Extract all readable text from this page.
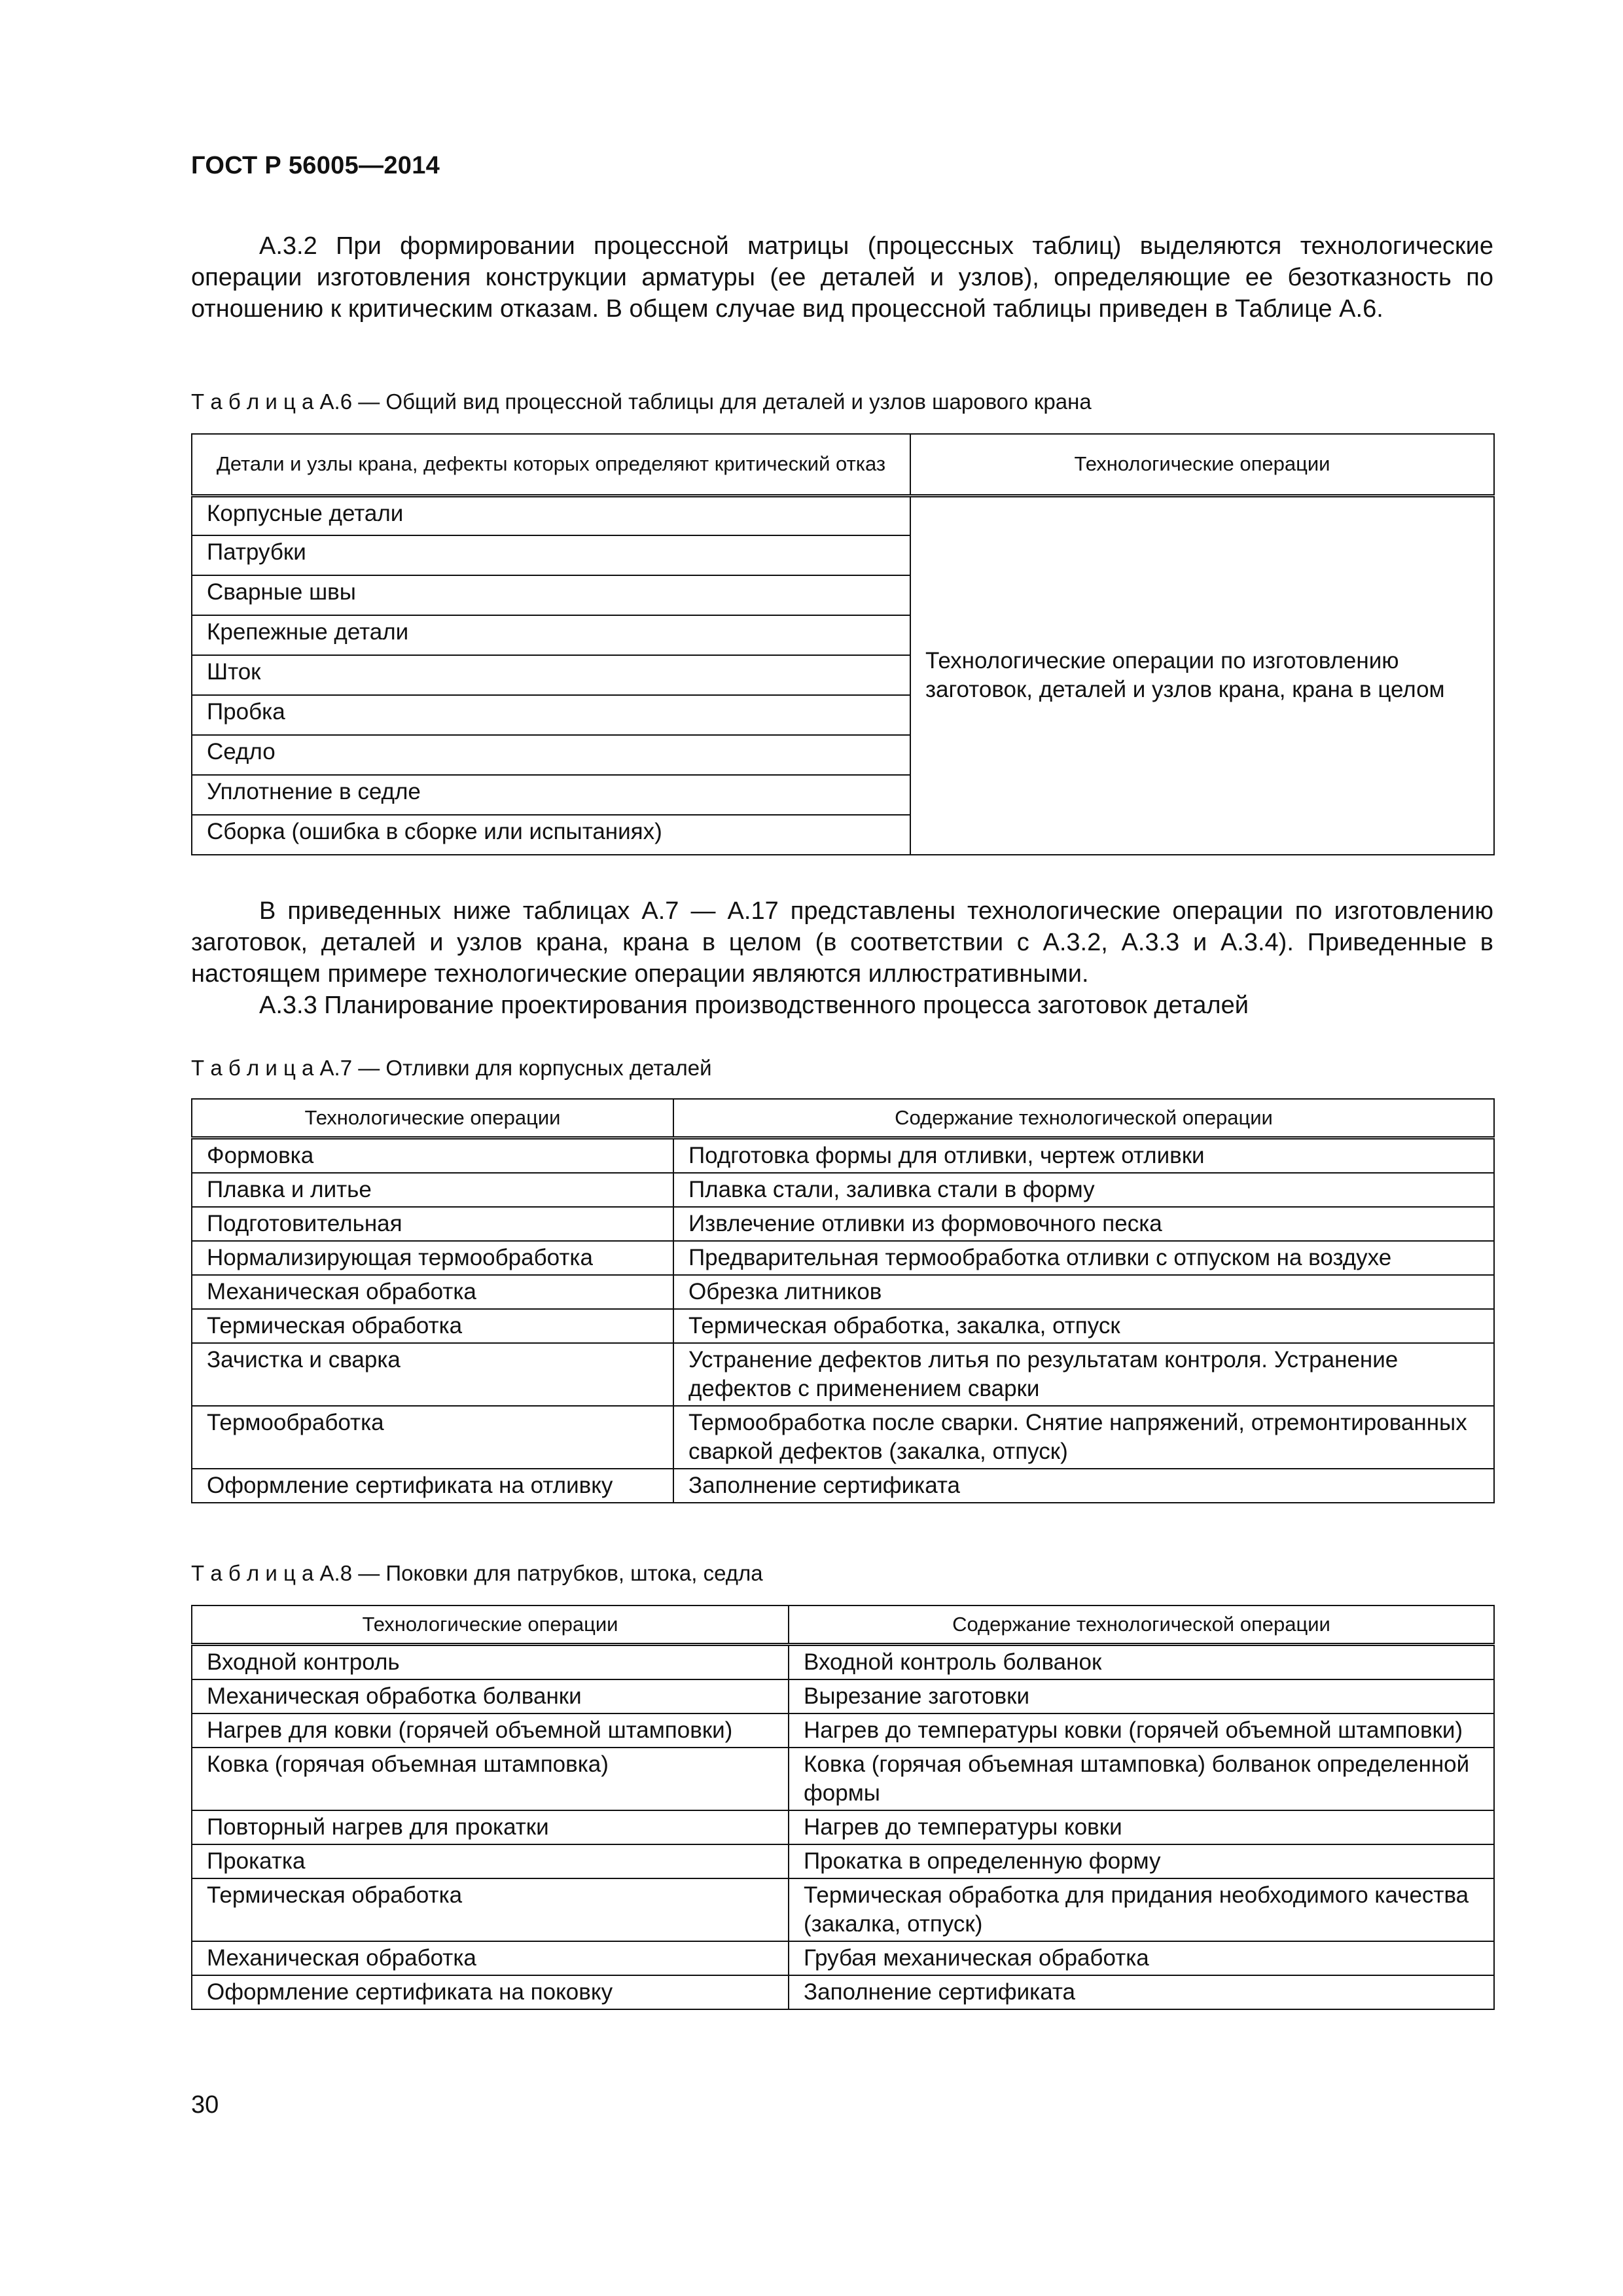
ГОСТ Р 56005—2014

А.3.2 При формировании процессной матрицы (процессных таблиц) выделяются технологические операции изготовления конструкции арматуры (ее деталей и узлов), определяющие ее безотказность по отношению к критическим отказам. В общем случае вид процессной таблицы приведен в Таблице А.6.

Т а б л и ц а А.6 — Общий вид процессной таблицы для деталей и узлов шарового крана
Детали и узлы крана, дефекты которых определяют критический отказ	Технологические операции
Корпусные детали	Технологические операции по изготовлению заготовок, деталей и узлов крана, крана в целом
Патрубки	
Сварные швы	
Крепежные детали	
Шток	
Пробка	
Седло	
Уплотнение в седле	
Сборка (ошибка в сборке или испытаниях)	

В приведенных ниже таблицах А.7 — А.17 представлены технологические операции по изготовлению заготовок, деталей и узлов крана, крана в целом (в соответствии с А.3.2, А.3.3 и А.3.4). Приведенные в настоящем примере технологические операции являются иллюстративными.

А.3.3 Планирование проектирования производственного процесса заготовок деталей

Т а б л и ц а А.7 — Отливки для корпусных деталей
Технологические операции	Содержание технологической операции
Формовка	Подготовка формы для отливки, чертеж отливки
Плавка и литье	Плавка стали, заливка стали в форму
Подготовительная	Извлечение отливки из формовочного песка
Нормализирующая термообработка	Предварительная термообработка отливки с отпуском на воздухе
Механическая обработка	Обрезка литников
Термическая обработка	Термическая обработка, закалка, отпуск
Зачистка и сварка	Устранение дефектов литья по результатам контроля. Устранение дефектов с применением сварки
Термообработка	Термообработка после сварки. Снятие напряжений, отремонтированных сваркой дефектов (закалка, отпуск)
Оформление сертификата на отливку	Заполнение сертификата
Т а б л и ц а А.8 — Поковки для патрубков, штока, седла
Технологические операции	Содержание технологической операции
Входной контроль	Входной контроль болванок
Механическая обработка болванки	Вырезание заготовки
Нагрев для ковки (горячей объемной штамповки)	Нагрев до температуры ковки (горячей объемной штамповки)
Ковка (горячая объемная штамповка)	Ковка (горячая объемная штамповка) болванок определенной формы
Повторный нагрев для прокатки	Нагрев до температуры ковки
Прокатка	Прокатка в определенную форму
Термическая обработка	Термическая обработка для придания необходимого качества (закалка, отпуск)
Механическая обработка	Грубая механическая обработка
Оформление сертификата на поковку	Заполнение сертификата
30
